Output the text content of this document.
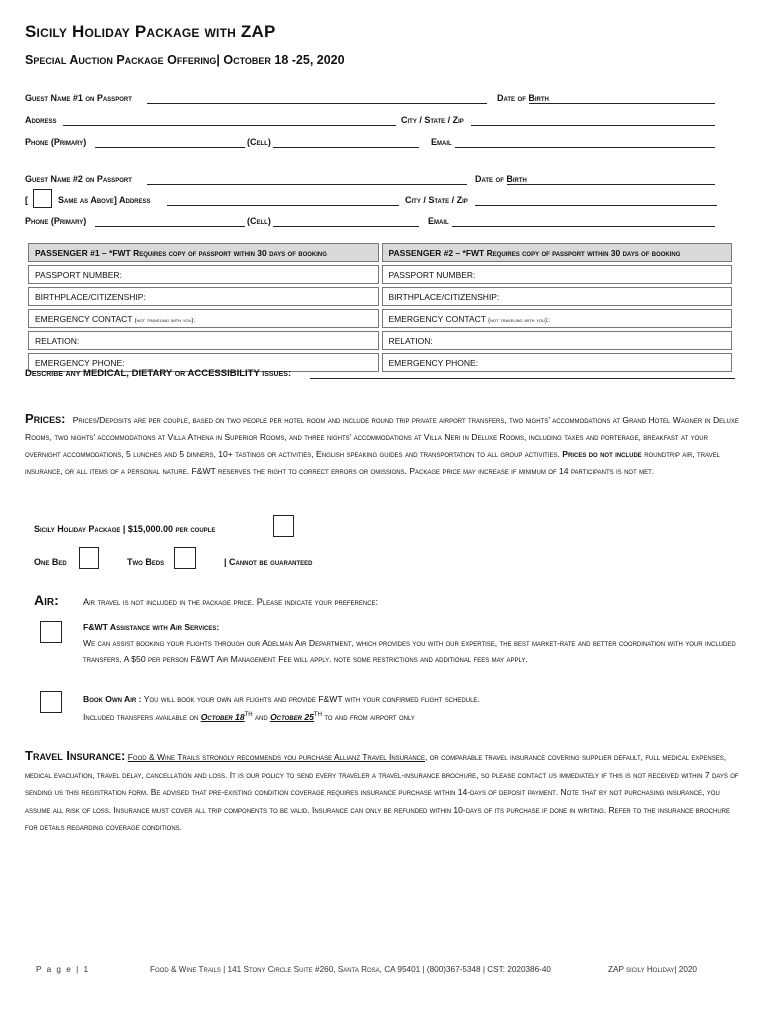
Sicily Holiday Package with ZAP
Special Auction Package Offering| October 18 -25, 2020
Guest Name #1 on Passport	Date of Birth
Address	City / State / Zip
Phone (Primary)	(Cell)	Email
Guest Name #2 on Passport	Date of Birth
[	Same as Above] Address	City / State / Zip
Phone (Primary)	(Cell)	Email
PASSENGER #1 – *FWT Requires copy of passport within 30 days of booking	PASSENGER #2 – *FWT Requires copy of passport within 30 days of booking
PASSPORT NUMBER:	PASSPORT NUMBER:
BIRTHPLACE/CITIZENSHIP:	BIRTHPLACE/CITIZENSHIP:
EMERGENCY CONTACT (not traveling with you):	EMERGENCY CONTACT (not traveling with you)::
RELATION:	RELATION:
EMERGENCY PHONE:	EMERGENCY PHONE:
Describe any MEDICAL, DIETARY or ACCESSIBILITY issues:
Prices: Prices/Deposits are per couple, based on two people per hotel room and include round trip private airport transfers, two nights’ accommodations at Grand Hotel Wagner in Deluxe Rooms, two nights’ accommodations at Villa Athena in Superior Rooms, and three nights’ accommodations at Villa Neri in Deluxe Rooms, including taxes and porterage, breakfast at your overnight accommodations, 5 lunches and 5 dinners, 10+ tastings or activities, English speaking guides and transportation to all group activities. Prices do not include roundtrip air, travel insurance, or all items of a personal nature. F&WT reserves the right to correct errors or omissions. Package price may increase if minimum of 14 participants is not met.
Sicily Holiday Package | $15,000.00 per couple
One Bed	Two Beds	| Cannot be guaranteed
Air:	Air travel is not included in the package price. Please indicate your preference:
F&WT Assistance with Air Services:
We can assist booking your flights through our Adelman Air Department, which provides you with our expertise, the best market-rate and better coordination with your included transfers. A $50 per person F&WT Air Management Fee will apply. note some restrictions and additional fees may apply.
Book Own Air : You will book your own air flights and provide F&WT with your confirmed flight schedule.
Included transfers available on October 18TH and October 25TH to and from airport only
Travel Insurance: Food & Wine Trails strongly recommends you purchase Allianz Travel Insurance, or comparable travel insurance covering supplier default, full medical expenses, medical evacuation, travel delay, cancellation and loss. It is our policy to send every traveler a travel-insurance brochure, so please contact us immediately if this is not received within 7 days of sending us this registration form. Be advised that pre-existing condition coverage requires insurance purchase within 14-days of deposit payment. Note that by not purchasing insurance, you assume all risk of loss. Insurance must cover all trip components to be valid. Insurance can only be refunded within 10-days of its purchase if done in writing. Refer to the insurance brochure for details regarding coverage conditions.
P a g e | 1	Food & Wine Trails | 141 Stony Circle Suite #260, Santa Rosa, CA 95401 | (800)367-5348 | CST: 2020386-40	ZAP sicily Holiday| 2020
